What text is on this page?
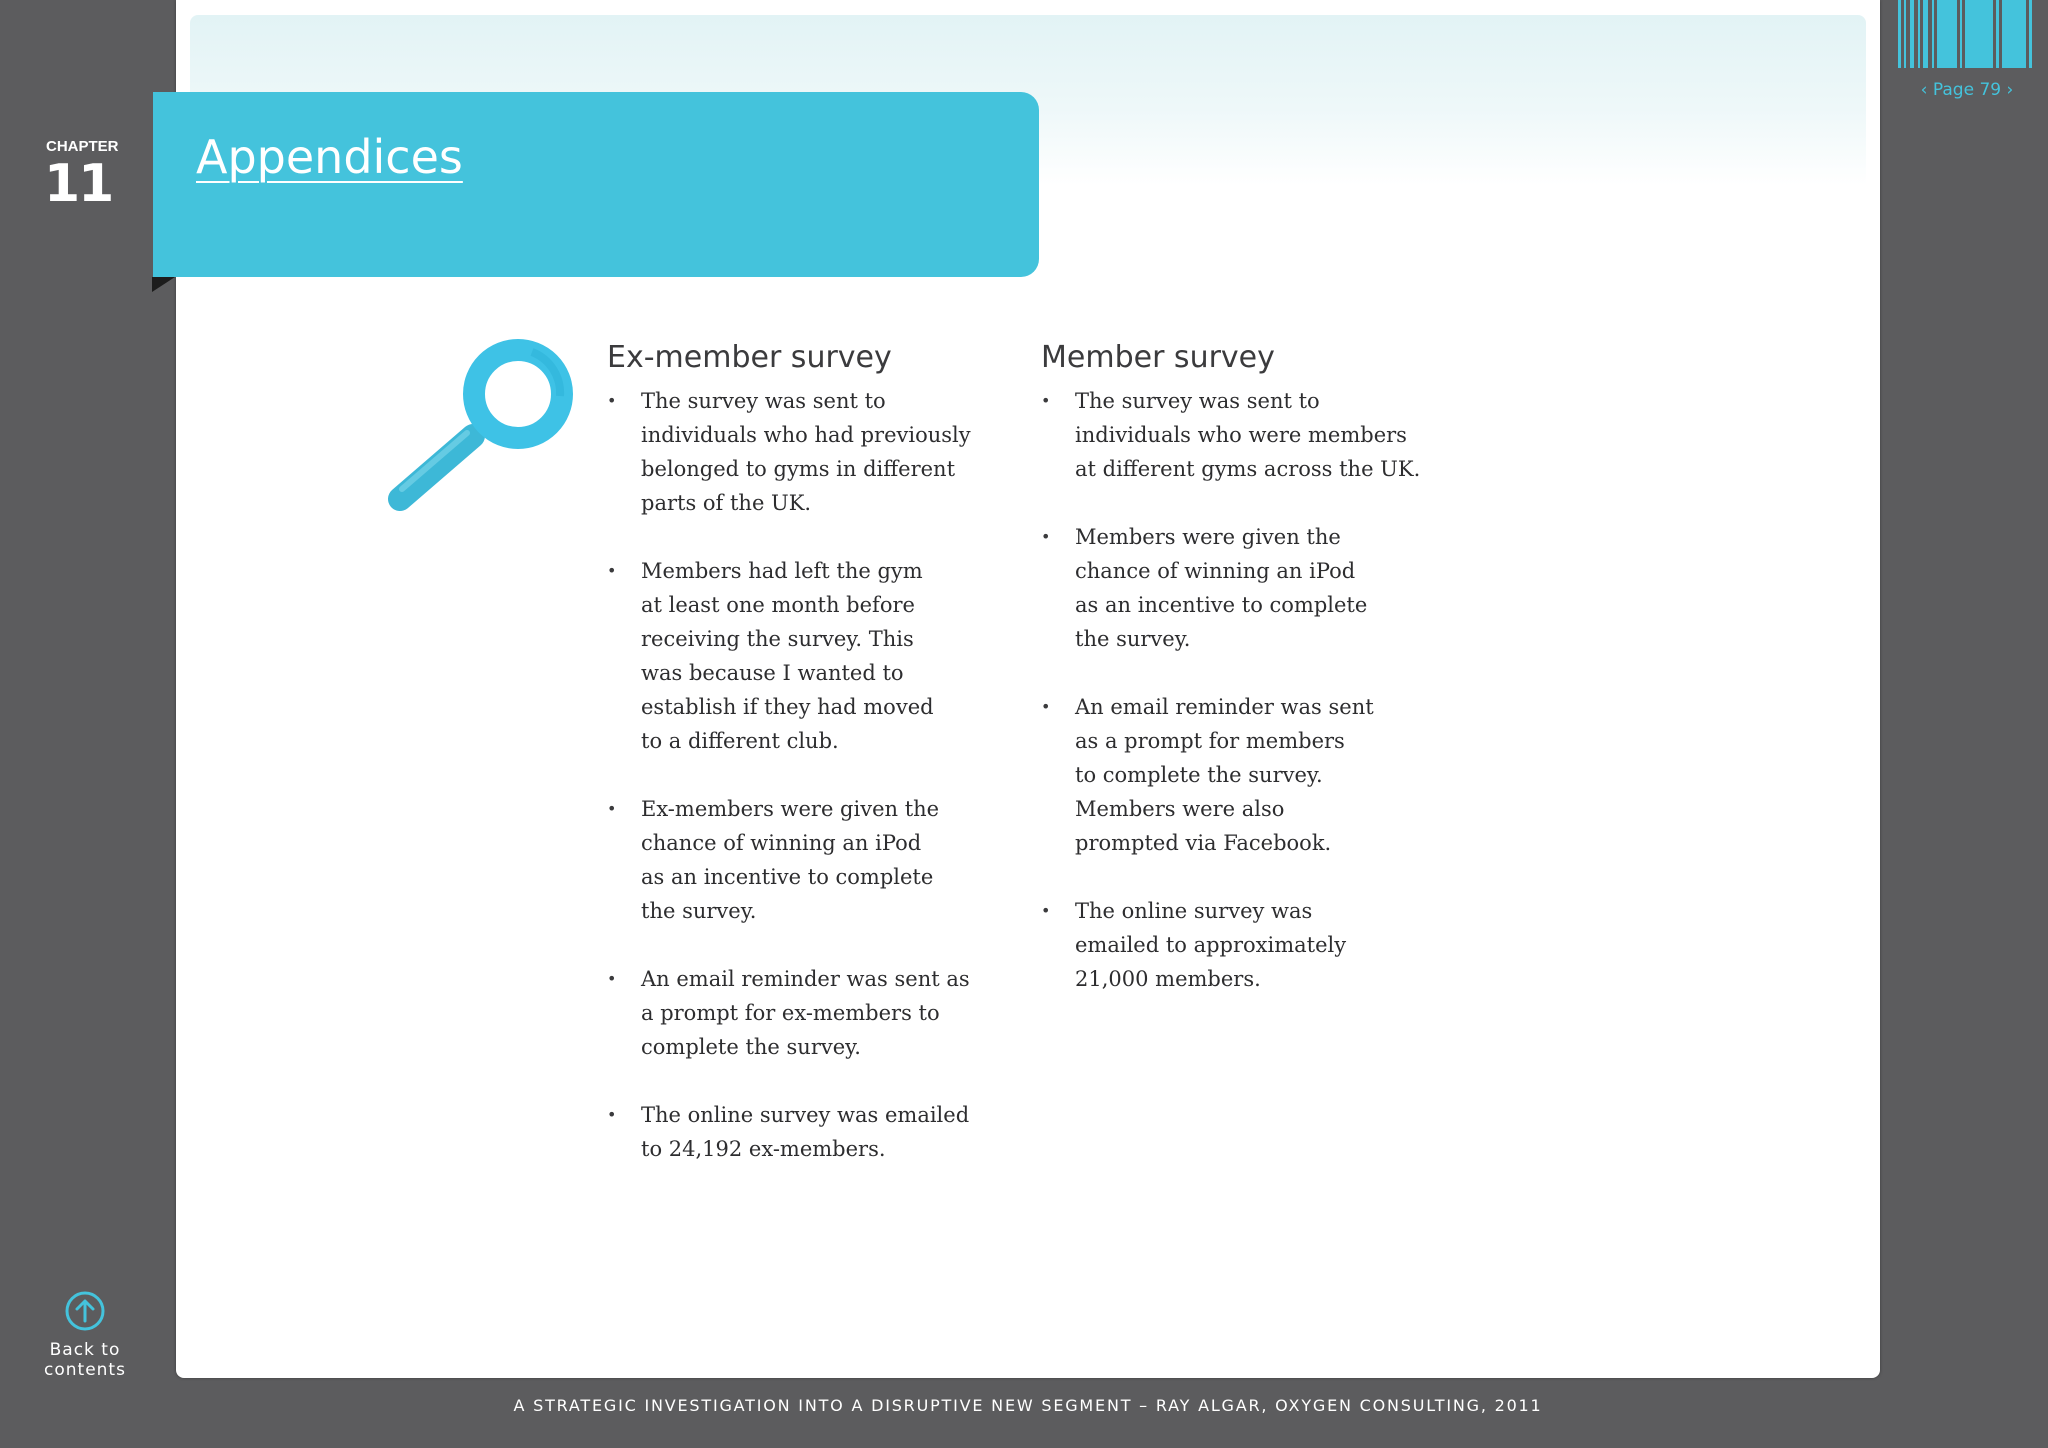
CHAPTER
11 Appendices
‹ Page 79 ›
Ex-member survey
• The survey was sent to
individuals who had previously
belonged to gyms in different
parts of the UK.
• Members had left the gym
at least one month before
receiving the survey. This
was because I wanted to
establish if they had moved
to a different club.
• Ex-members were given the
chance of winning an iPod
as an incentive to complete
the survey.
• An email reminder was sent as
a prompt for ex-members to
complete the survey.
• The online survey was emailed
to 24,192 ex-members.
Member survey
• The survey was sent to
individuals who were members
at different gyms across the UK.
• Members were given the
chance of winning an iPod
as an incentive to complete
the survey.
• An email reminder was sent
as a prompt for members
to complete the survey.
Members were also
prompted via Facebook.
• The online survey was
emailed to approximately
21,000 members.
Back to
contents
A STRATEGIC INVESTIGATION INTO A DISRUPTIVE NEW SEGMENT – RAY ALGAR, OXYGEN CONSULTING, 2011
